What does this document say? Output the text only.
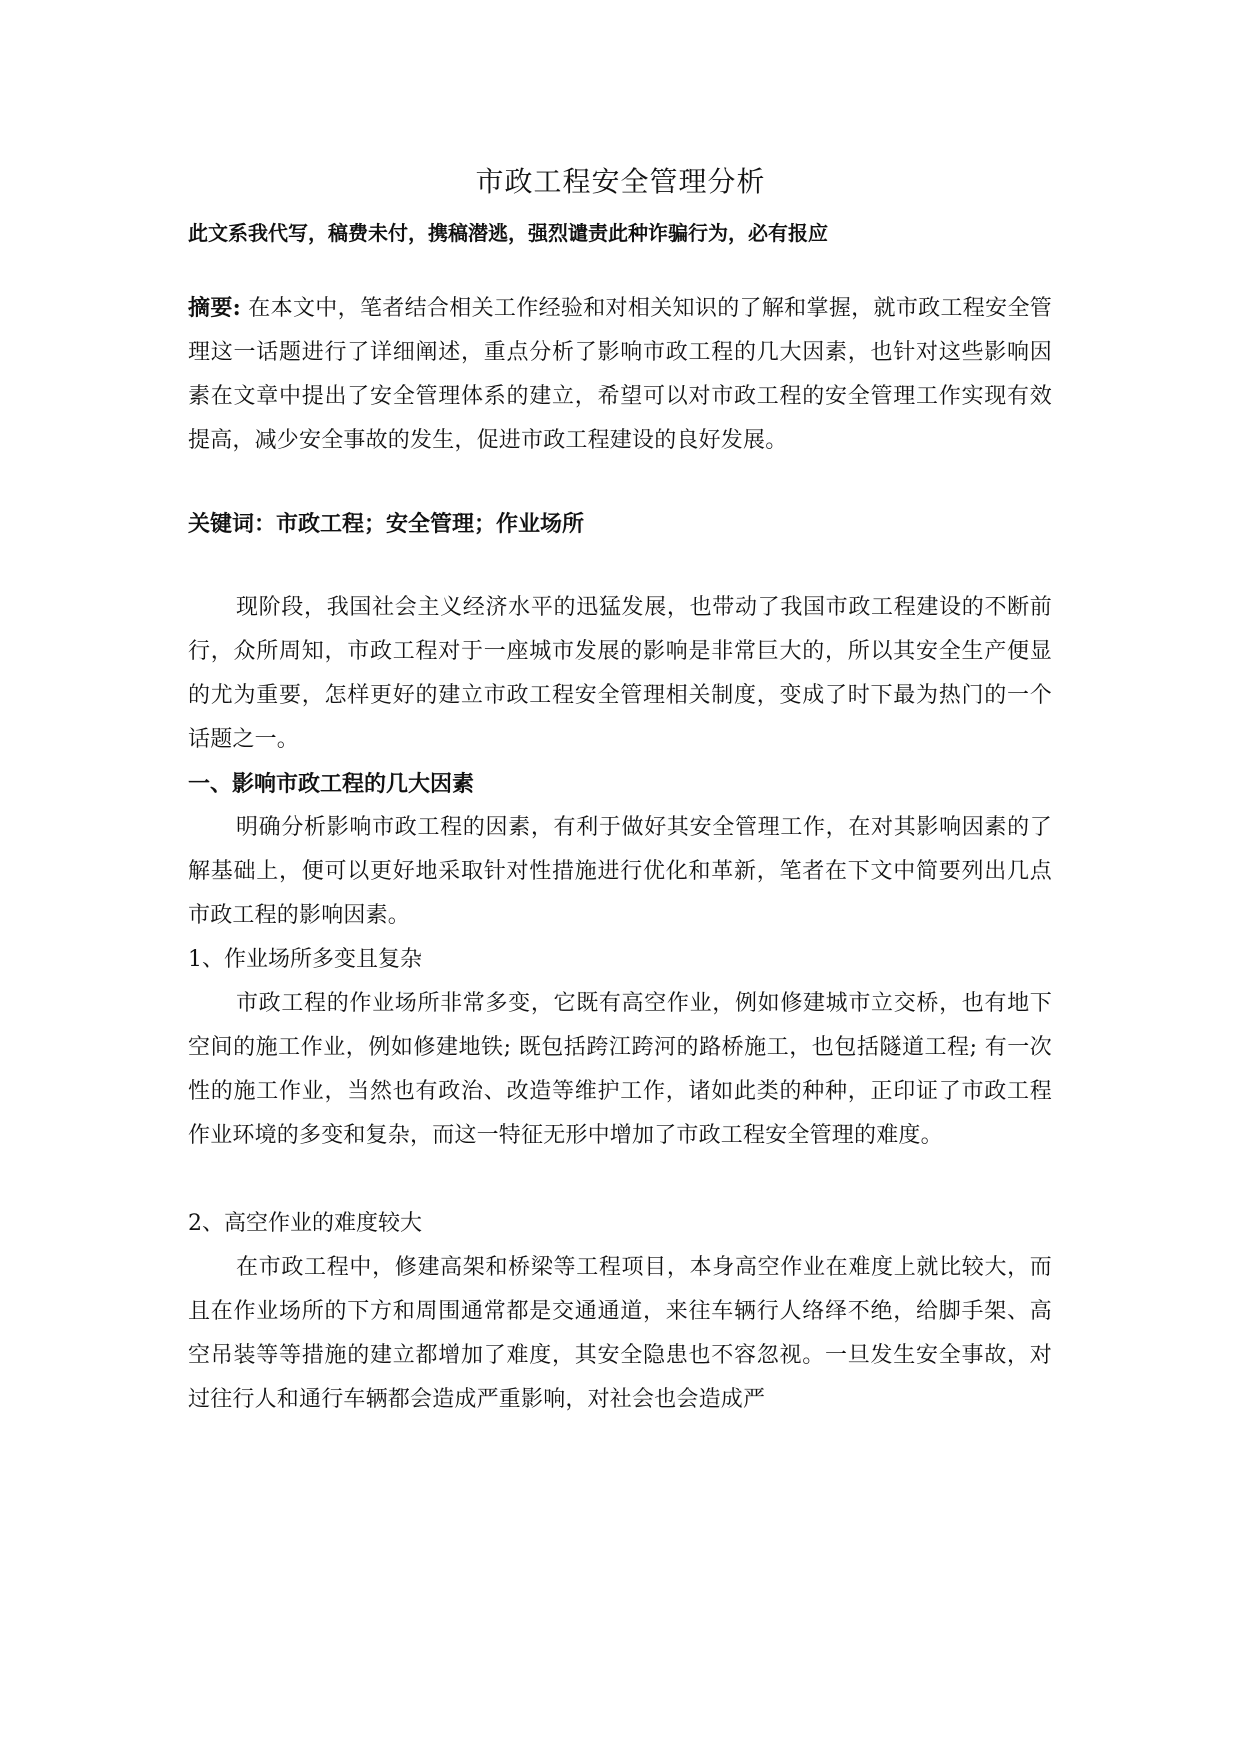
市政工程安全管理分析

此文系我代写，稿费未付，携稿潜逃，强烈谴责此种诈骗行为，必有报应

摘要: 在本文中，笔者结合相关工作经验和对相关知识的了解和掌握，就市政工程安全管理这一话题进行了详细阐述，重点分析了影响市政工程的几大因素，也针对这些影响因素在文章中提出了安全管理体系的建立，希望可以对市政工程的安全管理工作实现有效提高，减少安全事故的发生，促进市政工程建设的良好发展。

关键词：市政工程；安全管理；作业场所

现阶段，我国社会主义经济水平的迅猛发展，也带动了我国市政工程建设的不断前行，众所周知，市政工程对于一座城市发展的影响是非常巨大的，所以其安全生产便显的尤为重要，怎样更好的建立市政工程安全管理相关制度，变成了时下最为热门的一个话题之一。

一、影响市政工程的几大因素

明确分析影响市政工程的因素，有利于做好其安全管理工作，在对其影响因素的了解基础上，便可以更好地采取针对性措施进行优化和革新，笔者在下文中简要列出几点市政工程的影响因素。

1、作业场所多变且复杂

市政工程的作业场所非常多变，它既有高空作业，例如修建城市立交桥，也有地下空间的施工作业，例如修建地铁; 既包括跨江跨河的路桥施工，也包括隧道工程; 有一次性的施工作业，当然也有政治、改造等维护工作，诸如此类的种种，正印证了市政工程作业环境的多变和复杂，而这一特征无形中增加了市政工程安全管理的难度。

2、高空作业的难度较大

在市政工程中，修建高架和桥梁等工程项目，本身高空作业在难度上就比较大，而且在作业场所的下方和周围通常都是交通通道，来往车辆行人络绎不绝，给脚手架、高空吊装等等措施的建立都增加了难度，其安全隐患也不容忽视。一旦发生安全事故，对过往行人和通行车辆都会造成严重影响，对社会也会造成严
